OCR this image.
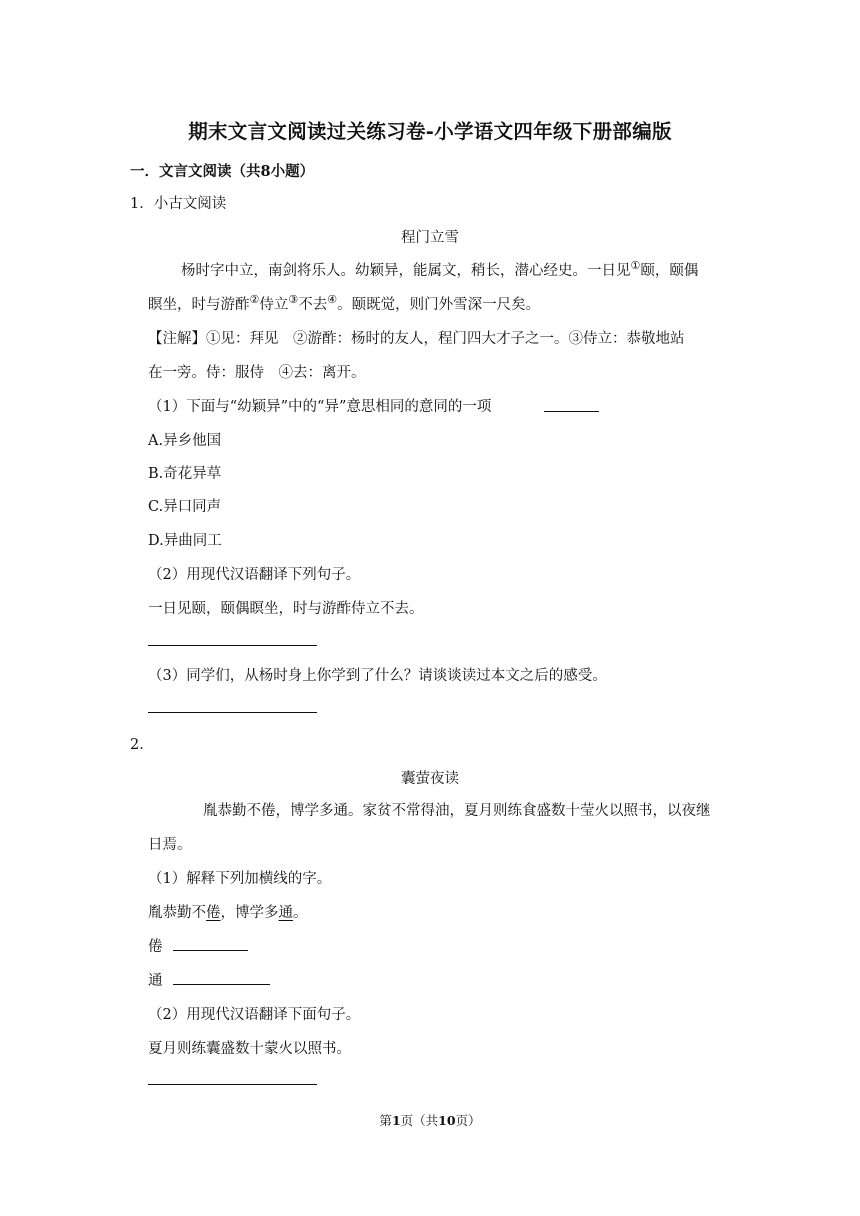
期末文言文阅读过关练习卷-小学语文四年级下册部编版
一．文言文阅读（共8小题）
1．小古文阅读
程门立雪
杨时字中立，南剑将乐人。幼颖异，能属文，稍长，潜心经史。一日见①颐，颐偶
瞑坐，时与游酢②侍立③不去④。颐既觉，则门外雪深一尺矣。
【注解】①见：拜见　②游酢：杨时的友人，程门四大才子之一。③侍立：恭敬地站
在一旁。侍：服侍　④去：离开。
（1）下面与“幼颖异”中的“异”意思相同的意同的一项
A.异乡他国
B.奇花异草
C.异口同声
D.异曲同工
（2）用现代汉语翻译下列句子。
一日见颐，颐偶瞑坐，时与游酢侍立不去。
（3）同学们，从杨时身上你学到了什么？请谈谈读过本文之后的感受。
2．
囊萤夜读
胤恭勤不倦，博学多通。家贫不常得油，夏月则练食盛数十莹火以照书，以夜继
日焉。
（1）解释下列加横线的字。
胤恭勤不倦，博学多通。
倦
通
（2）用现代汉语翻译下面句子。
夏月则练囊盛数十蒙火以照书。
第1页（共10页）
